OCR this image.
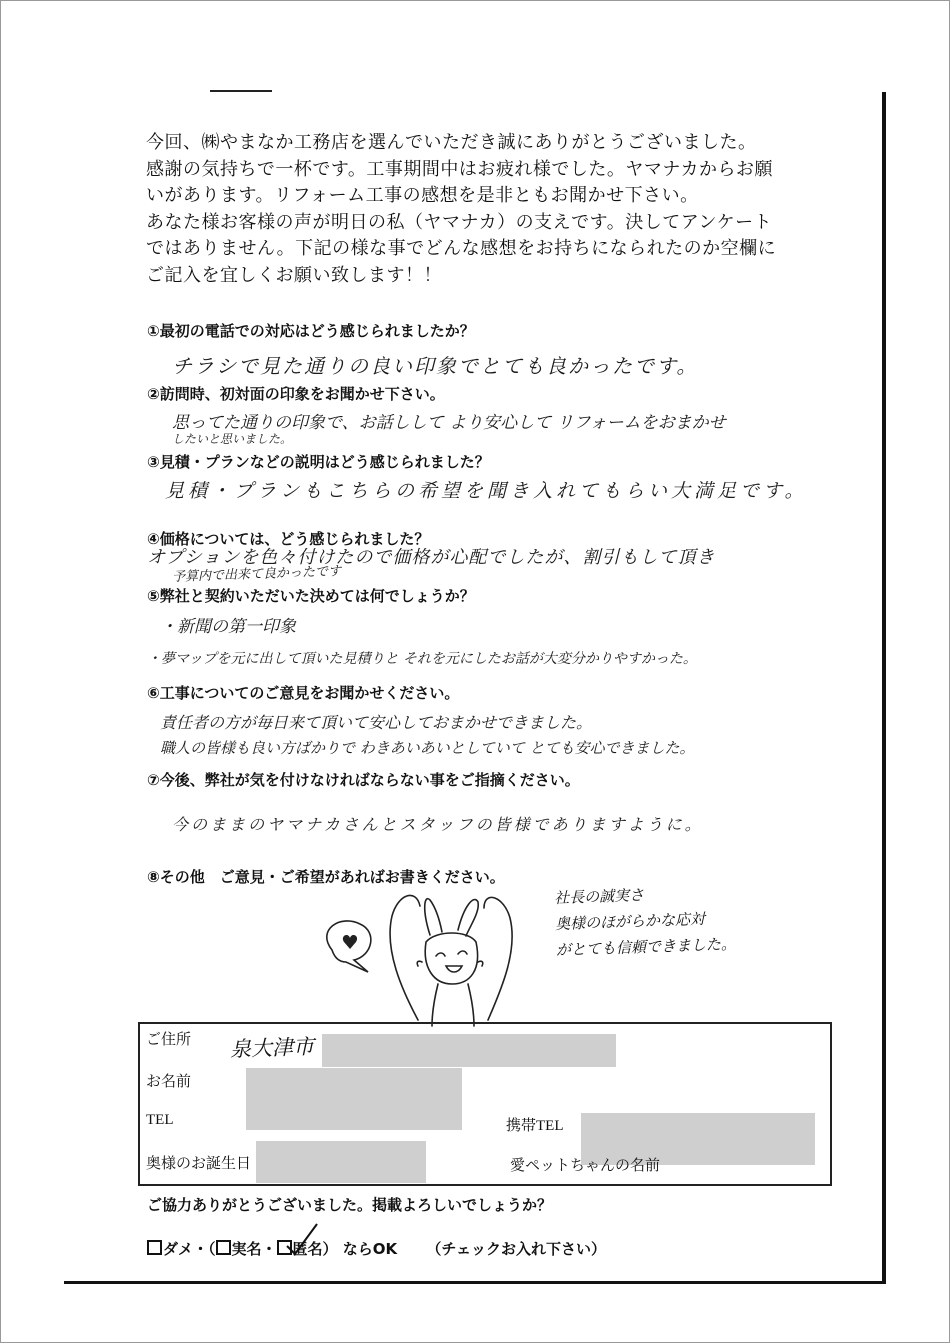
今回、㈱やまなか工務店を選んでいただき誠にありがとうございました。
感謝の気持ちで一杯です。工事期間中はお疲れ様でした。ヤマナカからお願
いがあります。リフォーム工事の感想を是非ともお聞かせ下さい。
あなた様お客様の声が明日の私（ヤマナカ）の支えです。決してアンケート
ではありません。下記の様な事でどんな感想をお持ちになられたのか空欄に
ご記入を宜しくお願い致します！！
①最初の電話での対応はどう感じられましたか？
チラシで見た通りの良い印象でとても良かったです。
②訪問時、初対面の印象をお聞かせ下さい。
思ってた通りの印象で、お話しして より安心して リフォームをおまかせ
したいと思いました。
③見積・プランなどの説明はどう感じられました？
見積・プランもこちらの希望を聞き入れてもらい大満足です。
④価格については、どう感じられました？
オプションを色々付けたので価格が心配でしたが、割引もして頂き
予算内で出来て良かったです
⑤弊社と契約いただいた決めては何でしょうか？
・新聞の第一印象
・夢マップを元に出して頂いた見積りと それを元にしたお話が大変分かりやすかった。
⑥工事についてのご意見をお聞かせください。
責任者の方が毎日来て頂いて安心しておまかせできました。
職人の皆様も良い方ばかりで わきあいあいとしていて とても安心できました。
⑦今後、弊社が気を付けなければならない事をご指摘ください。
今のままのヤマナカさんとスタッフの皆様でありますように。
⑧その他　ご意見・ご希望があればお書きください。
社長の誠実さ
奥様のほがらかな応対
がとても信頼できました。
ご住所 泉大津市
お名前
TEL	携帯TEL
奥様のお誕生日	愛ペットちゃんの名前
ご協力ありがとうございました。掲載よろしいでしょうか？
ダメ・（ 実名・ 匿名） ならOK （チェックお入れ下さい）
